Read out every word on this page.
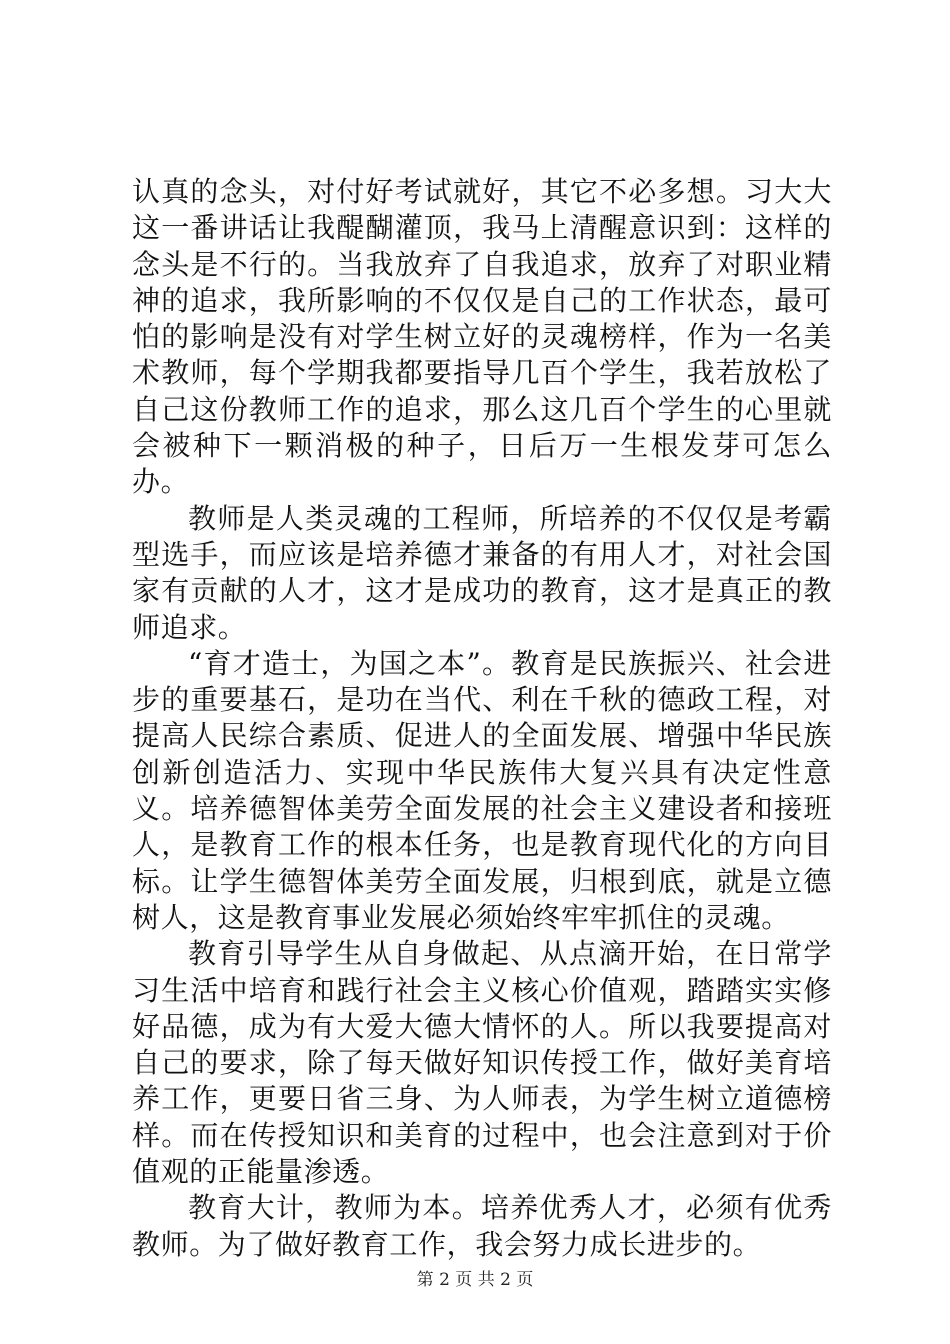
认真的念头，对付好考试就好，其它不必多想。习大大这一番讲话让我醍醐灌顶，我马上清醒意识到：这样的念头是不行的。当我放弃了自我追求，放弃了对职业精神的追求，我所影响的不仅仅是自己的工作状态，最可怕的影响是没有对学生树立好的灵魂榜样，作为一名美术教师，每个学期我都要指导几百个学生，我若放松了自己这份教师工作的追求，那么这几百个学生的心里就会被种下一颗消极的种子，日后万一生根发芽可怎么办。

教师是人类灵魂的工程师，所培养的不仅仅是考霸型选手，而应该是培养德才兼备的有用人才，对社会国家有贡献的人才，这才是成功的教育，这才是真正的教师追求。

“育才造士，为国之本”。教育是民族振兴、社会进步的重要基石，是功在当代、利在千秋的德政工程，对提高人民综合素质、促进人的全面发展、增强中华民族创新创造活力、实现中华民族伟大复兴具有决定性意义。培养德智体美劳全面发展的社会主义建设者和接班人，是教育工作的根本任务，也是教育现代化的方向目标。让学生德智体美劳全面发展，归根到底，就是立德树人，这是教育事业发展必须始终牢牢抓住的灵魂。

教育引导学生从自身做起、从点滴开始，在日常学习生活中培育和践行社会主义核心价值观，踏踏实实修好品德，成为有大爱大德大情怀的人。所以我要提高对自己的要求，除了每天做好知识传授工作，做好美育培养工作，更要日省三身、为人师表，为学生树立道德榜样。而在传授知识和美育的过程中，也会注意到对于价值观的正能量渗透。

教育大计，教师为本。培养优秀人才，必须有优秀教师。为了做好教育工作，我会努力成长进步的。

第 2 页 共 2 页
